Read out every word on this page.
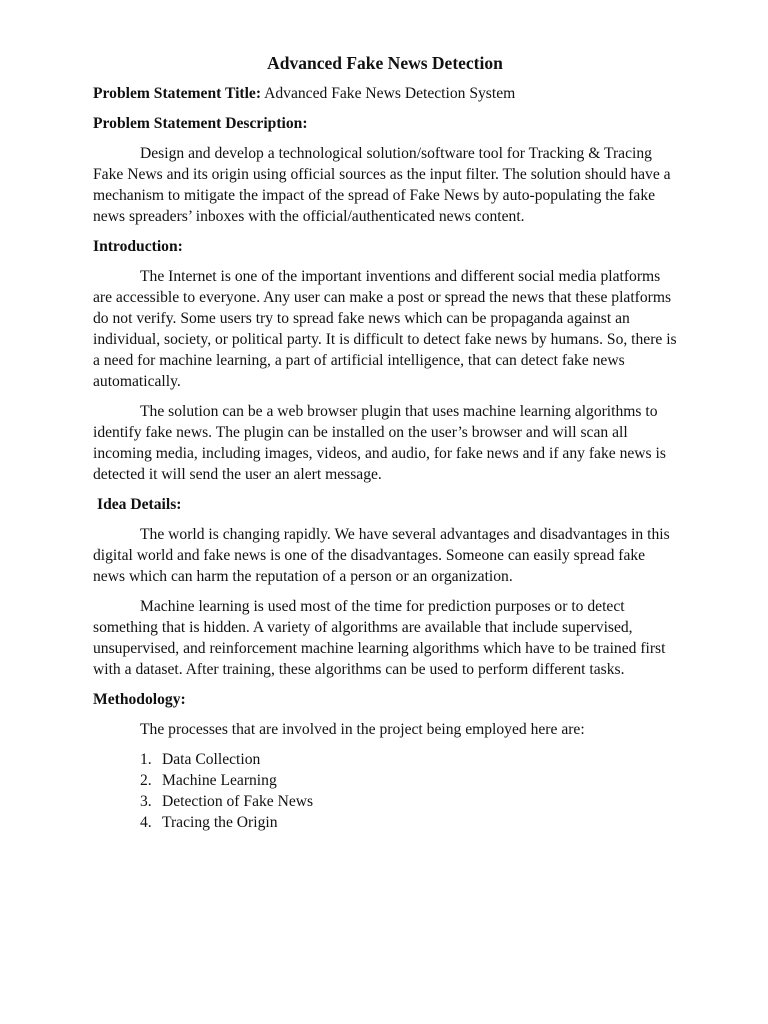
Advanced Fake News Detection
Problem Statement Title: Advanced Fake News Detection System
Problem Statement Description:

Design and develop a technological solution/software tool for Tracking & Tracing Fake News and its origin using official sources as the input filter. The solution should have a mechanism to mitigate the impact of the spread of Fake News by auto-populating the fake news spreaders’ inboxes with the official/authenticated news content.

Introduction:

The Internet is one of the important inventions and different social media platforms are accessible to everyone. Any user can make a post or spread the news that these platforms do not verify. Some users try to spread fake news which can be propaganda against an individual, society, or political party. It is difficult to detect fake news by humans. So, there is a need for machine learning, a part of artificial intelligence, that can detect fake news automatically.

The solution can be a web browser plugin that uses machine learning algorithms to identify fake news. The plugin can be installed on the user’s browser and will scan all incoming media, including images, videos, and audio, for fake news and if any fake news is detected it will send the user an alert message.

Idea Details:

The world is changing rapidly. We have several advantages and disadvantages in this digital world and fake news is one of the disadvantages. Someone can easily spread fake news which can harm the reputation of a person or an organization.

Machine learning is used most of the time for prediction purposes or to detect something that is hidden. A variety of algorithms are available that include supervised, unsupervised, and reinforcement machine learning algorithms which have to be trained first with a dataset. After training, these algorithms can be used to perform different tasks.

Methodology:

The processes that are involved in the project being employed here are:

1. Data Collection
2. Machine Learning
3. Detection of Fake News
4. Tracing the Origin
